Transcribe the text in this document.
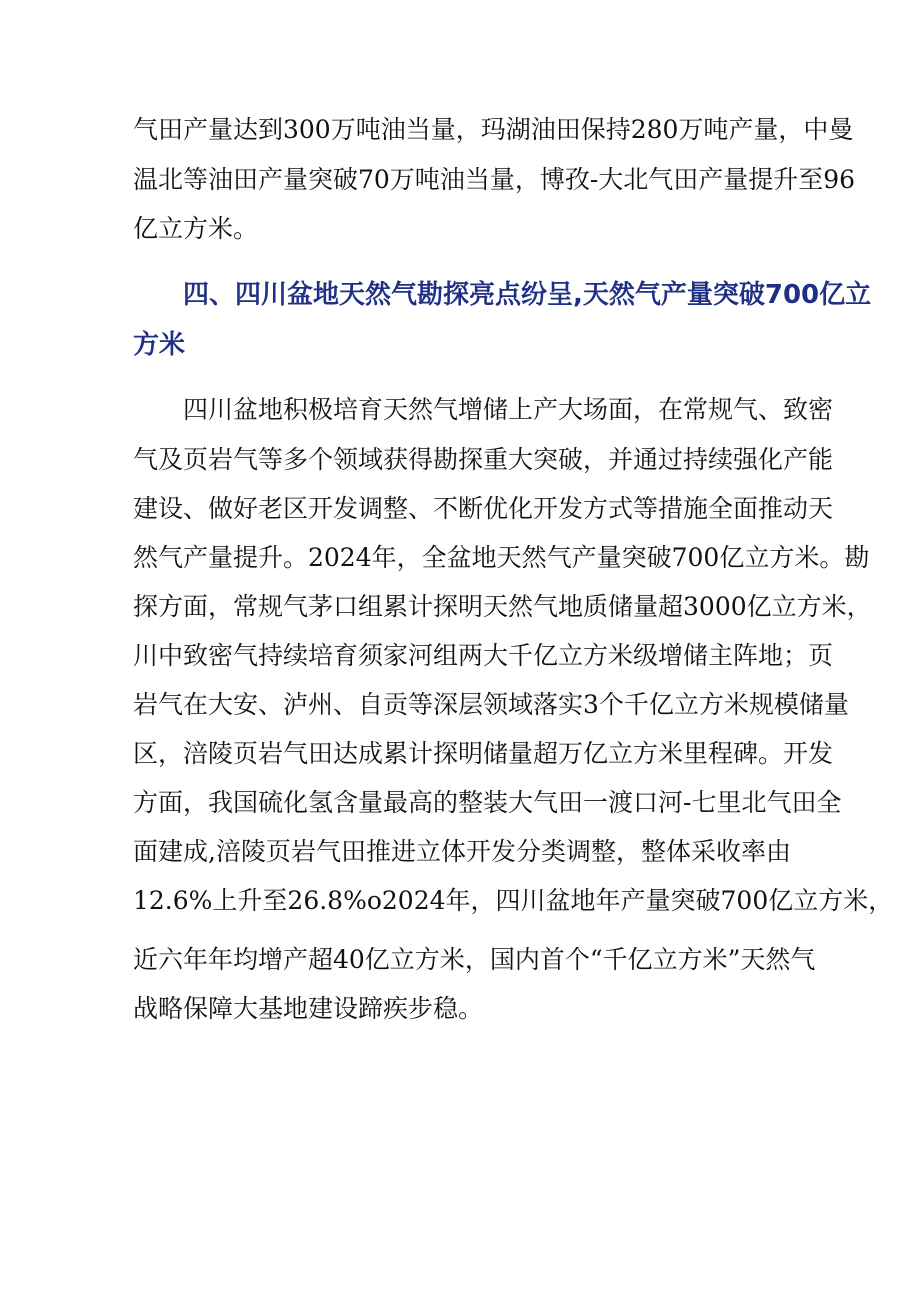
气田产量达到300万吨油当量，玛湖油田保持280万吨产量，中曼

温北等油田产量突破70万吨油当量，博孜-大北气田产量提升至96

亿立方米。

四、四川盆地天然气勘探亮点纷呈,天然气产量突破700亿立

方米

四川盆地积极培育天然气增储上产大场面，在常规气、致密

气及页岩气等多个领域获得勘探重大突破，并通过持续强化产能

建设、做好老区开发调整、不断优化开发方式等措施全面推动天

然气产量提升。2024年，全盆地天然气产量突破700亿立方米。勘

探方面，常规气茅口组累计探明天然气地质储量超3000亿立方米，

川中致密气持续培育须家河组两大千亿立方米级增储主阵地；页

岩气在大安、泸州、自贡等深层领域落实3个千亿立方米规模储量

区，涪陵页岩气田达成累计探明储量超万亿立方米里程碑。开发

方面，我国硫化氢含量最高的整装大气田一渡口河-七里北气田全

面建成,涪陵页岩气田推进立体开发分类调整，整体采收率由

12.6%上升至26.8%o2024年，四川盆地年产量突破700亿立方米，

近六年年均增产超40亿立方米，国内首个“千亿立方米”天然气

战略保障大基地建设蹄疾步稳。
